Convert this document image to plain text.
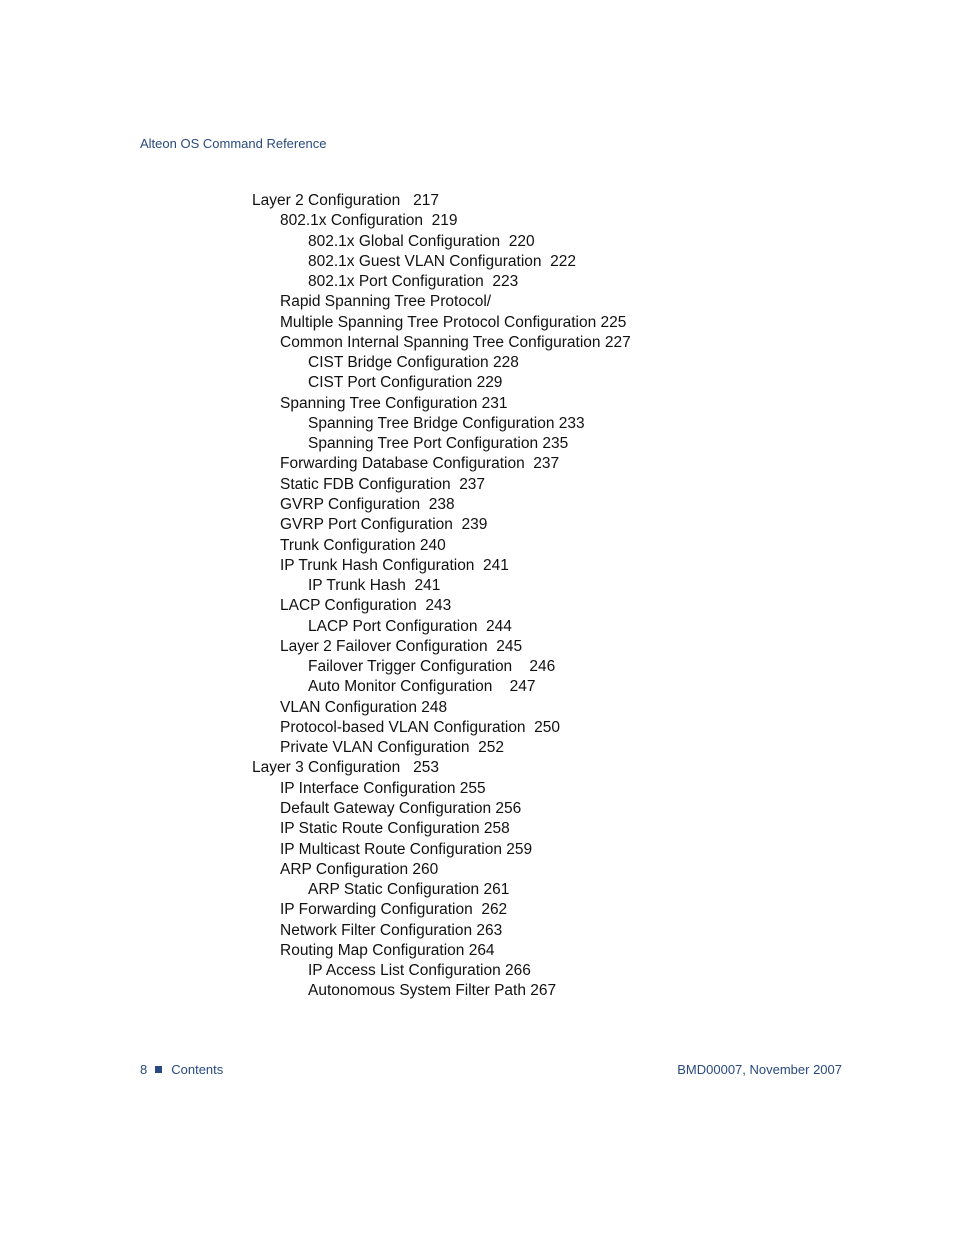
Alteon OS Command Reference
Layer 2 Configuration   217
802.1x Configuration  219
802.1x Global Configuration  220
802.1x Guest VLAN Configuration  222
802.1x Port Configuration  223
Rapid Spanning Tree Protocol/
Multiple Spanning Tree Protocol Configuration 225
Common Internal Spanning Tree Configuration 227
CIST Bridge Configuration 228
CIST Port Configuration 229
Spanning Tree Configuration 231
Spanning Tree Bridge Configuration 233
Spanning Tree Port Configuration 235
Forwarding Database Configuration  237
Static FDB Configuration  237
GVRP Configuration  238
GVRP Port Configuration  239
Trunk Configuration 240
IP Trunk Hash Configuration  241
IP Trunk Hash  241
LACP Configuration  243
LACP Port Configuration  244
Layer 2 Failover Configuration  245
Failover Trigger Configuration    246
Auto Monitor Configuration    247
VLAN Configuration 248
Protocol-based VLAN Configuration  250
Private VLAN Configuration  252
Layer 3 Configuration   253
IP Interface Configuration 255
Default Gateway Configuration 256
IP Static Route Configuration 258
IP Multicast Route Configuration 259
ARP Configuration 260
ARP Static Configuration 261
IP Forwarding Configuration  262
Network Filter Configuration 263
Routing Map Configuration 264
IP Access List Configuration 266
Autonomous System Filter Path 267
8 Contents	BMD00007, November 2007
